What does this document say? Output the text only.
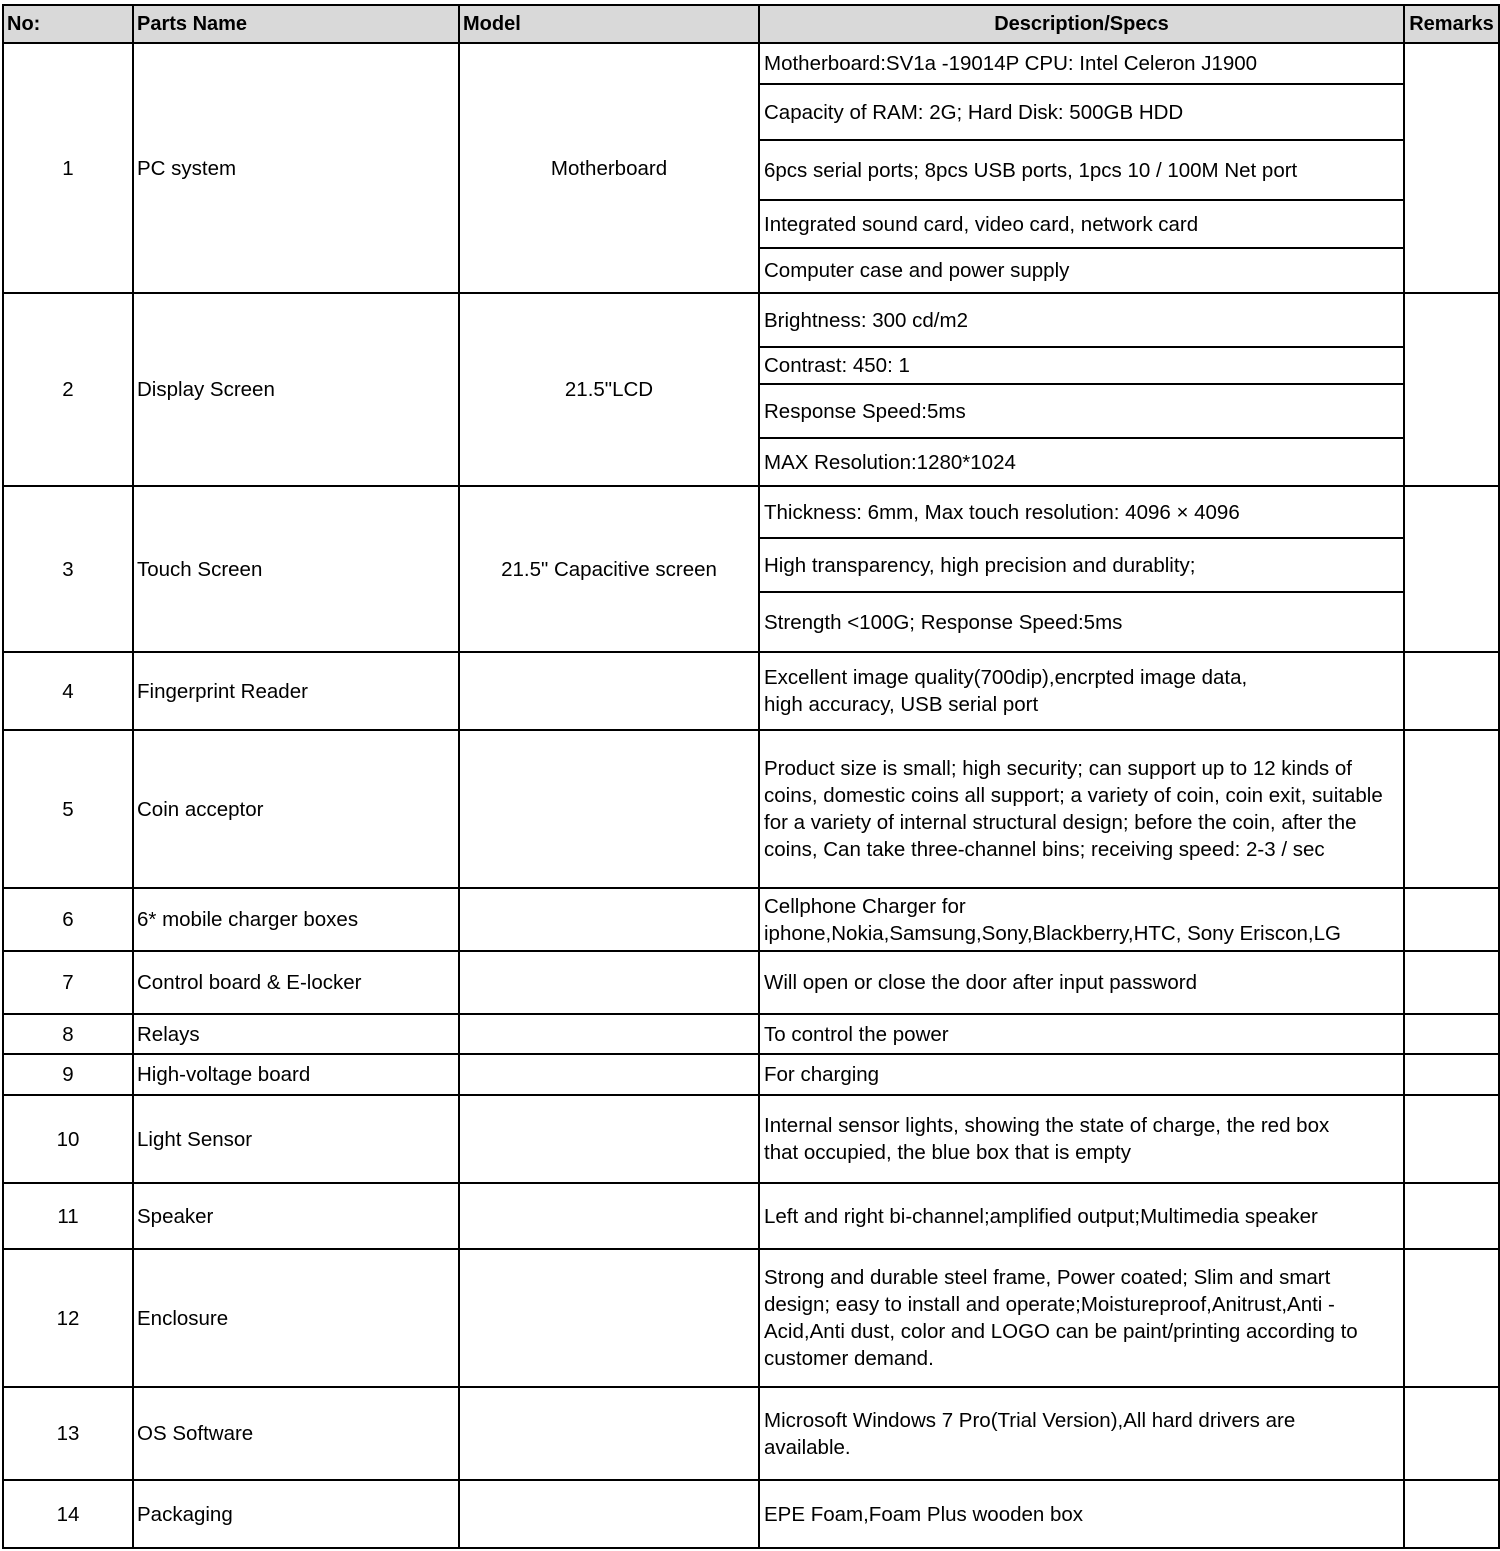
No:	Parts Name	Model	Description/Specs	Remarks
1	PC system	Motherboard	Motherboard:SV1a -19014P CPU: Intel Celeron J1900	
			Capacity of RAM: 2G; Hard Disk: 500GB HDD	
			6pcs serial ports; 8pcs USB ports, 1pcs 10 / 100M Net port	
			Integrated sound card, video card, network card	
			Computer case and power supply	
2	Display Screen	21.5"LCD	Brightness: 300 cd/m2	
			Contrast: 450: 1	
			Response Speed:5ms	
			MAX Resolution:1280*1024	
3	Touch Screen	21.5" Capacitive screen	Thickness: 6mm, Max touch resolution: 4096 × 4096	
			High transparency, high precision and durablity;	
			Strength <100G; Response Speed:5ms	
4	Fingerprint Reader		Excellent image quality(700dip),encrpted image data,
high accuracy, USB serial port	
5	Coin acceptor		Product size is small; high security; can support up to 12 kinds of coins, domestic coins all support; a variety of coin, coin exit, suitable for a variety of internal structural design; before the coin, after the coins, Can take three-channel bins; receiving speed: 2-3 / sec	
6	6* mobile charger boxes		Cellphone Charger for
iphone,Nokia,Samsung,Sony,Blackberry,HTC, Sony Eriscon,LG	
7	Control board & E-locker		Will open or close the door after input password	
8	Relays		To control the power	
9	High-voltage board		For charging	
10	Light Sensor		Internal sensor lights, showing the state of charge, the red box
that occupied, the blue box that is empty	
11	Speaker		Left and right bi-channel;amplified output;Multimedia speaker	
12	Enclosure		Strong and durable steel frame, Power coated; Slim and smart design; easy to install and operate;Moistureproof,Anitrust,Anti -Acid,Anti dust, color and LOGO can be paint/printing according to customer demand.	
13	OS Software		Microsoft Windows 7 Pro(Trial Version),All hard drivers are
available.	
14	Packaging		EPE Foam,Foam Plus wooden box	
